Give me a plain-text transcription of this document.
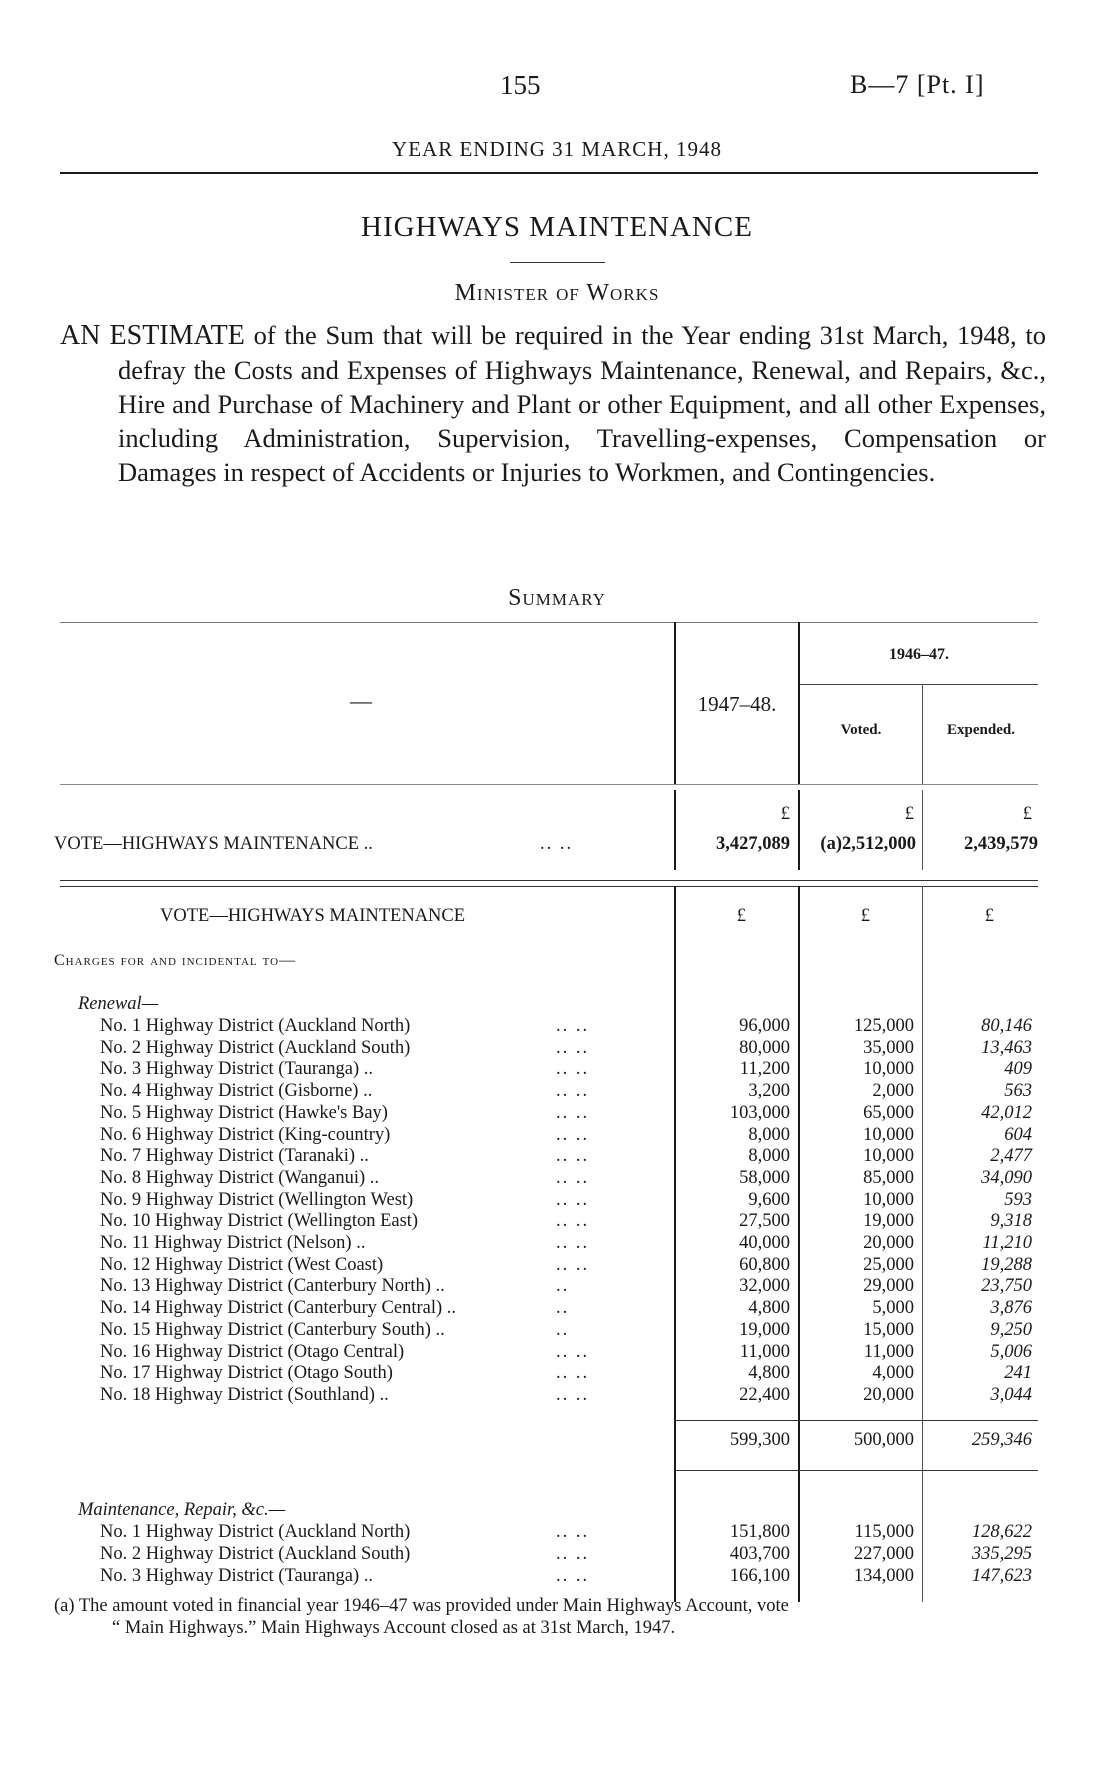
155	B—7 [Pt. I]
YEAR ENDING 31 MARCH, 1948
HIGHWAYS MAINTENANCE
Minister of Works

AN ESTIMATE of the Sum that will be required in the Year ending 31st March, 1948, to defray the Costs and Expenses of Highways Maintenance, Renewal, and Repairs, &c., Hire and Purchase of Machinery and Plant or other Equipment, and all other Expenses, including Administration, Supervision, Travelling-expenses, Compensation or Damages in respect of Accidents or Injuries to Workmen, and Contingencies.

Summary
—	1947–48.
1946–47.
Voted.	Expended.
£	£	£
VOTE—HIGHWAYS MAINTENANCE ..	.. ..	3,427,089	(a)2,512,000	2,439,579
VOTE—HIGHWAYS MAINTENANCE	£	£	£
Charges for and incidental to—
Renewal—
No. 1 Highway District (Auckland North)	.. ..	96,000	125,000	80,146
No. 2 Highway District (Auckland South)	.. ..	80,000	35,000	13,463
No. 3 Highway District (Tauranga) ..	.. ..	11,200	10,000	409
No. 4 Highway District (Gisborne) ..	.. ..	3,200	2,000	563
No. 5 Highway District (Hawke's Bay)	.. ..	103,000	65,000	42,012
No. 6 Highway District (King-country)	.. ..	8,000	10,000	604
No. 7 Highway District (Taranaki) ..	.. ..	8,000	10,000	2,477
No. 8 Highway District (Wanganui) ..	.. ..	58,000	85,000	34,090
No. 9 Highway District (Wellington West)	.. ..	9,600	10,000	593
No. 10 Highway District (Wellington East)	.. ..	27,500	19,000	9,318
No. 11 Highway District (Nelson) ..	.. ..	40,000	20,000	11,210
No. 12 Highway District (West Coast)	.. ..	60,800	25,000	19,288
No. 13 Highway District (Canterbury North) ..	..	32,000	29,000	23,750
No. 14 Highway District (Canterbury Central) ..	..	4,800	5,000	3,876
No. 15 Highway District (Canterbury South) ..	..	19,000	15,000	9,250
No. 16 Highway District (Otago Central)	.. ..	11,000	11,000	5,006
No. 17 Highway District (Otago South)	.. ..	4,800	4,000	241
No. 18 Highway District (Southland) ..	.. ..	22,400	20,000	3,044
599,300	500,000	259,346
Maintenance, Repair, &c.—
No. 1 Highway District (Auckland North)	.. ..	151,800	115,000	128,622
No. 2 Highway District (Auckland South)	.. ..	403,700	227,000	335,295
No. 3 Highway District (Tauranga) ..	.. ..	166,100	134,000	147,623
(a) The amount voted in financial year 1946–47 was provided under Main Highways Account, vote
“ Main Highways.” Main Highways Account closed as at 31st March, 1947.
